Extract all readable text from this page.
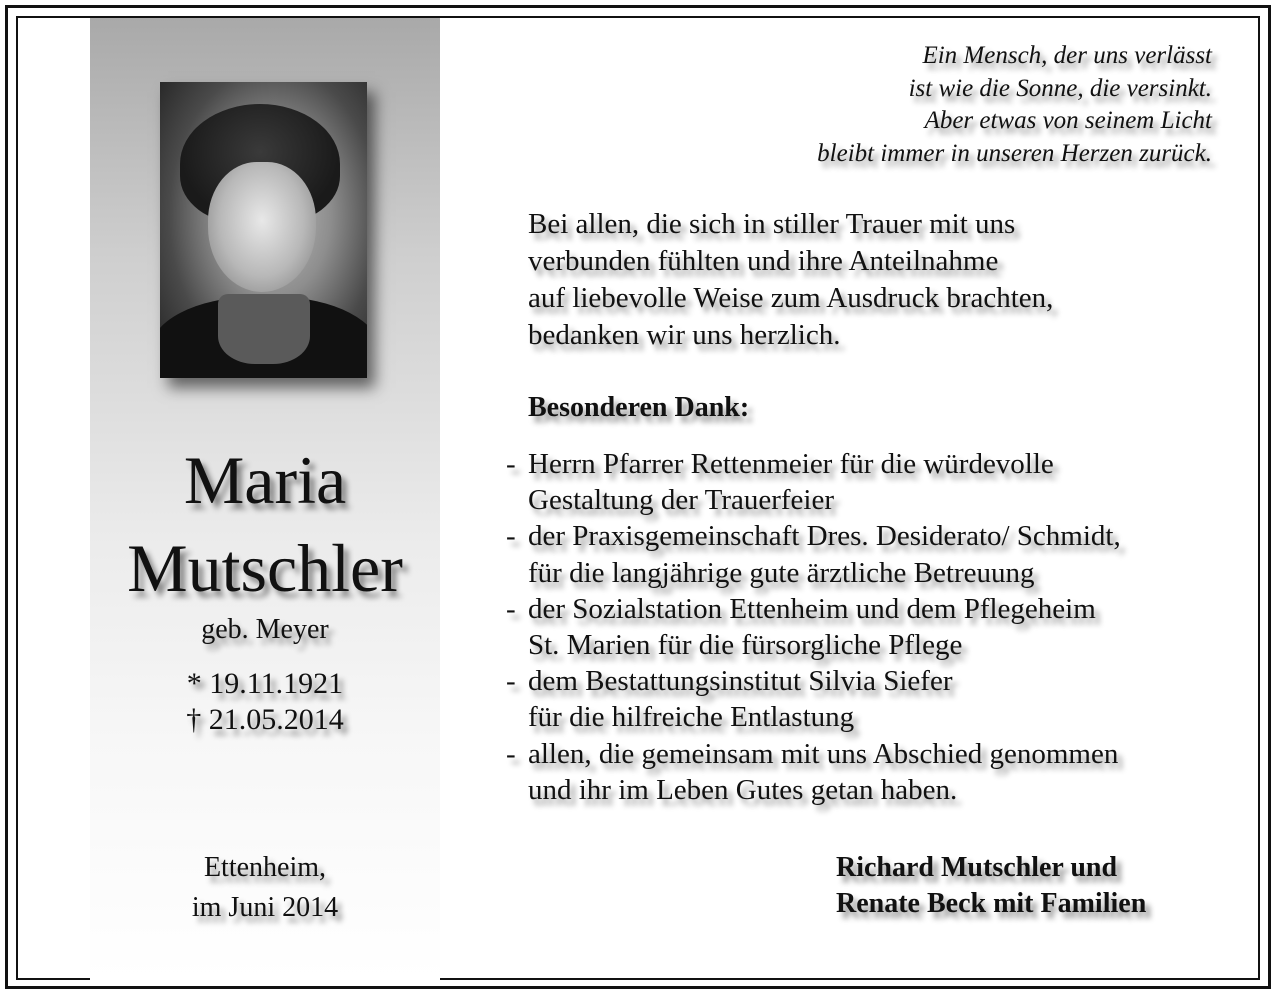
Maria
Mutschler
geb. Meyer
* 19.11.1921
† 21.05.2014
Ettenheim,
im Juni 2014
Ein Mensch, der uns verlässt
ist wie die Sonne, die versinkt.
Aber etwas von seinem Licht
bleibt immer in unseren Herzen zurück.
Bei allen, die sich in stiller Trauer mit uns
verbunden fühlten und ihre Anteilnahme
auf liebevolle Weise zum Ausdruck brachten,
bedanken wir uns herzlich.
Besonderen Dank:
- Herrn Pfarrer Rettenmeier für die würdevolle
Gestaltung der Trauerfeier
- der Praxisgemeinschaft Dres. Desiderato/ Schmidt,
für die langjährige gute ärztliche Betreuung
- der Sozialstation Ettenheim und dem Pflegeheim
St. Marien für die fürsorgliche Pflege
- dem Bestattungsinstitut Silvia Siefer
für die hilfreiche Entlastung
- allen, die gemeinsam mit uns Abschied genommen
und ihr im Leben Gutes getan haben.
Richard Mutschler und
Renate Beck mit Familien
